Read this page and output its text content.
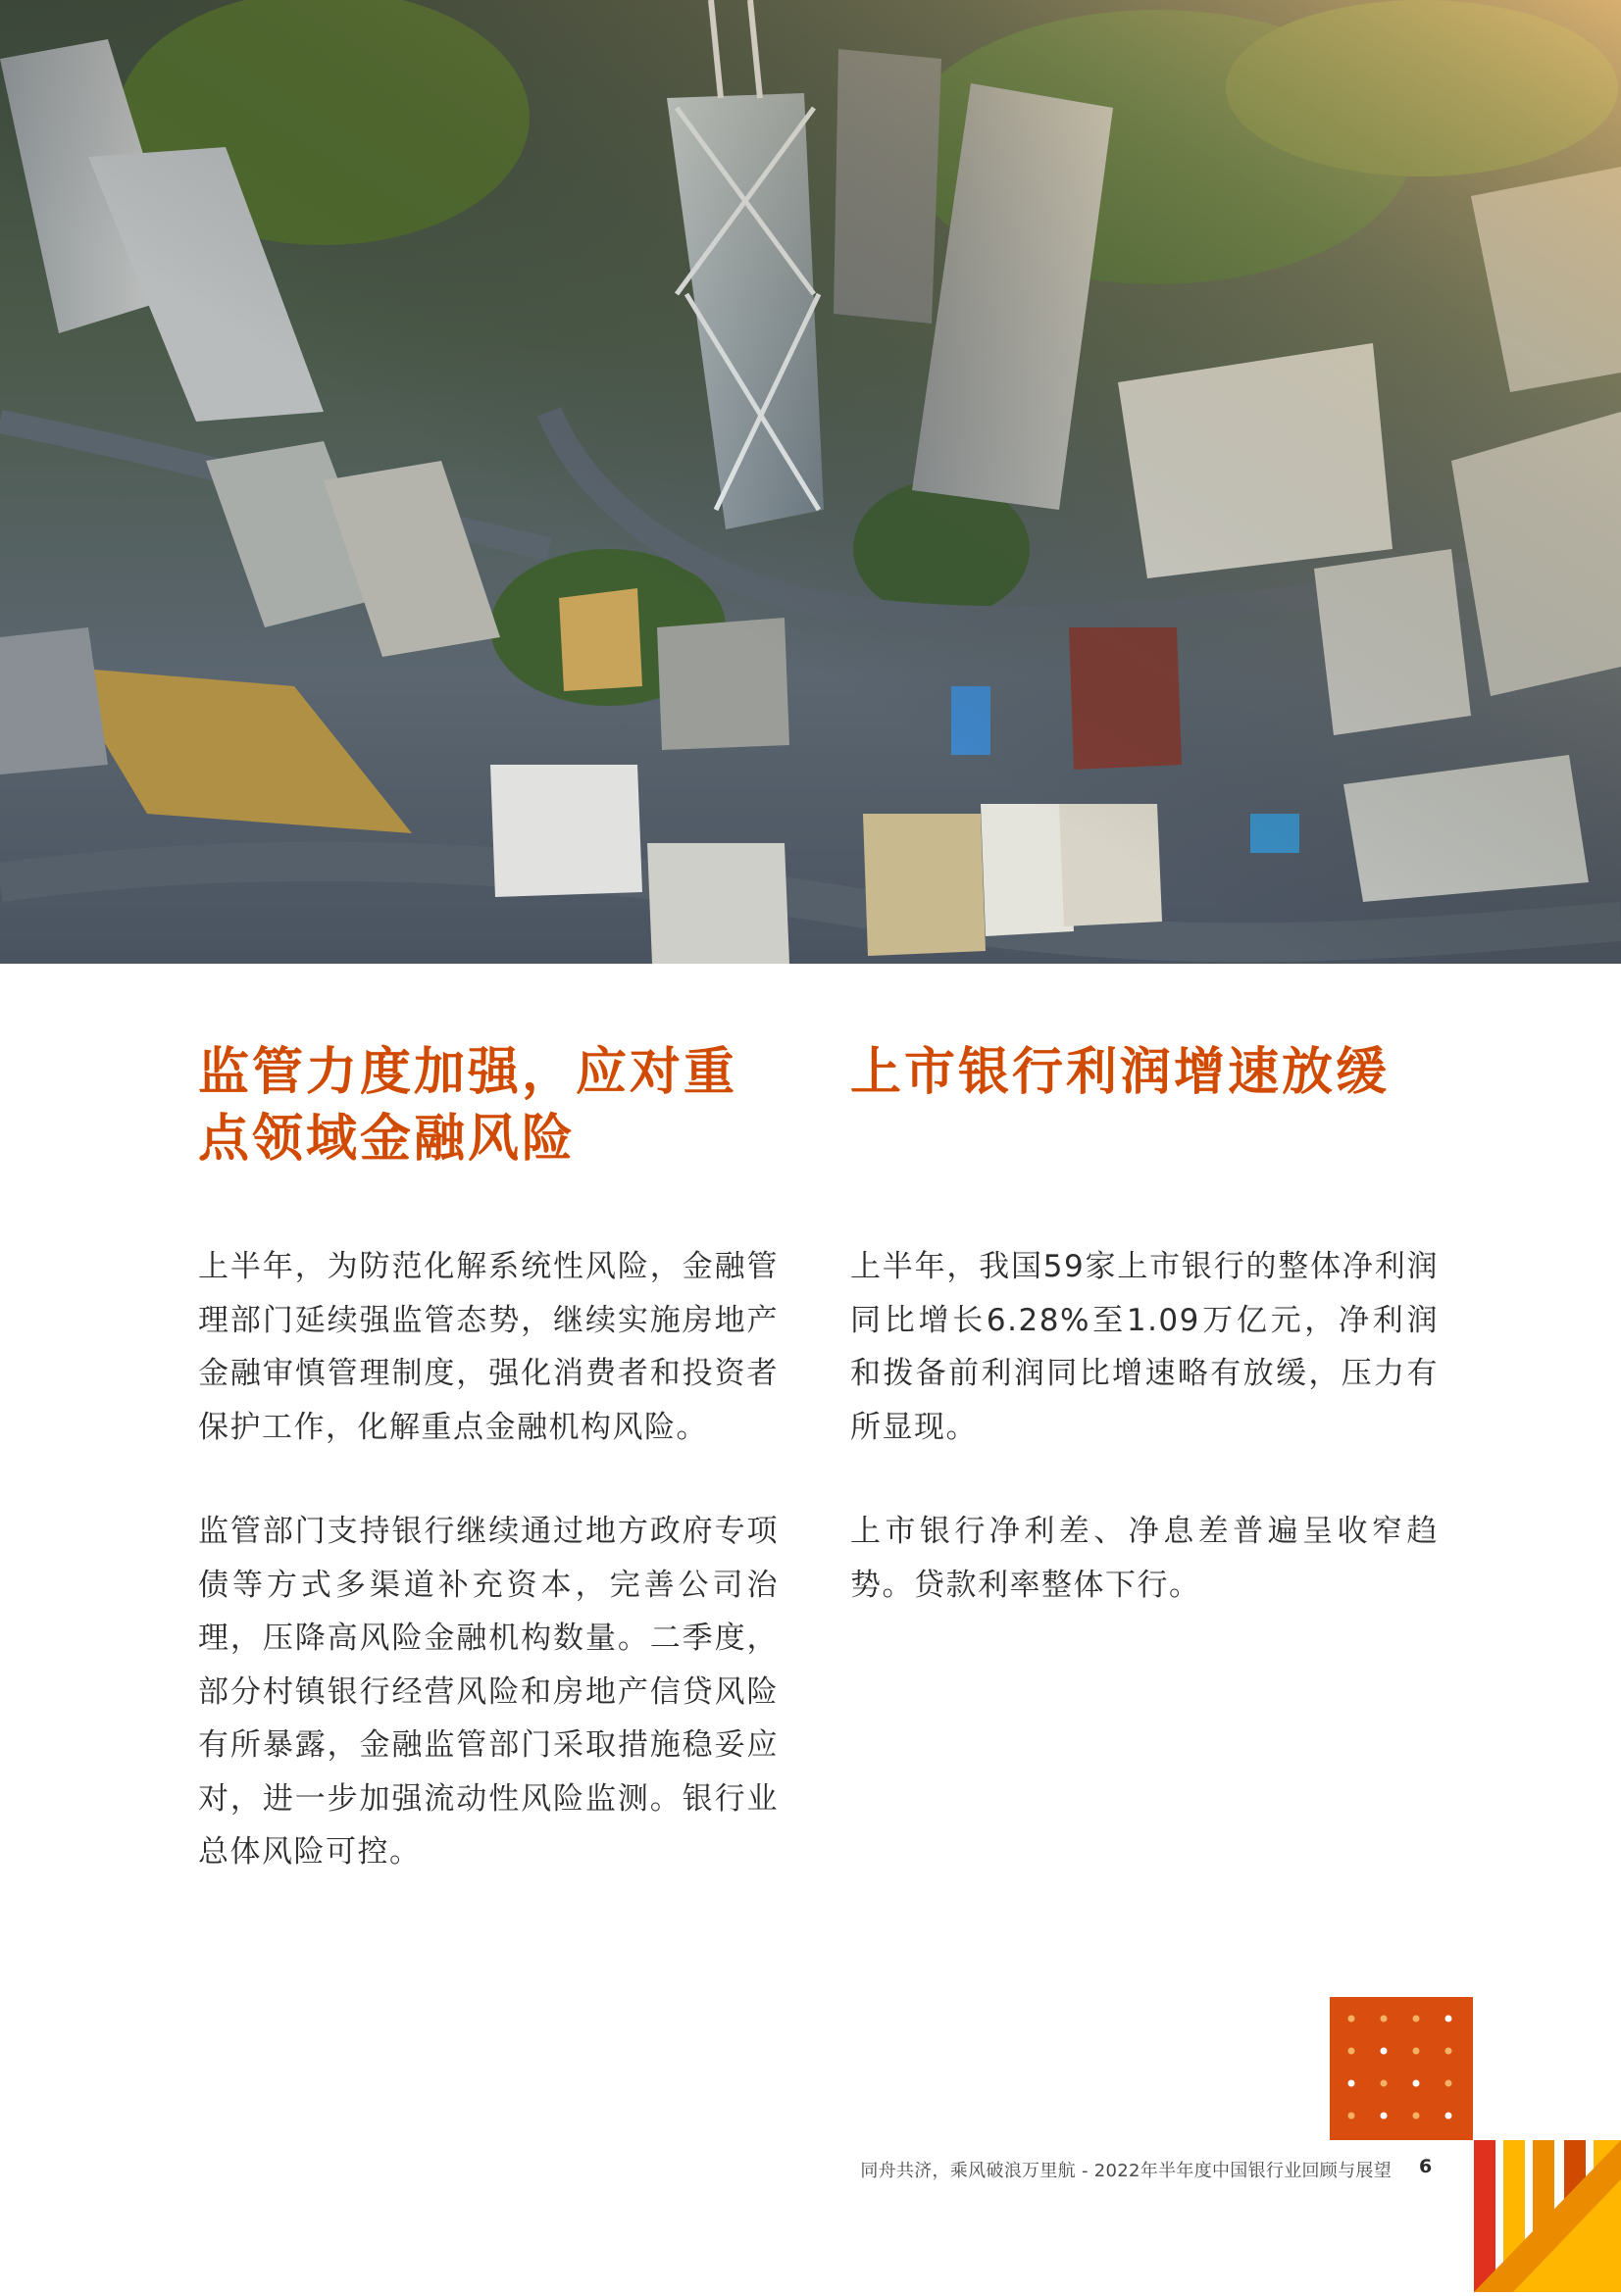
监管力度加强，应对重点领域金融风险

上半年，为防范化解系统性风险，金融管理部门延续强监管态势，继续实施房地产金融审慎管理制度，强化消费者和投资者保护工作，化解重点金融机构风险。

监管部门支持银行继续通过地方政府专项债等方式多渠道补充资本，完善公司治理，压降高风险金融机构数量。二季度，部分村镇银行经营风险和房地产信贷风险有所暴露，金融监管部门采取措施稳妥应对，进一步加强流动性风险监测。银行业总体风险可控。

上市银行利润增速放缓

上半年，我国59家上市银行的整体净利润同比增长6.28%至1.09万亿元，净利润和拨备前利润同比增速略有放缓，压力有所显现。

上市银行净利差、净息差普遍呈收窄趋势。贷款利率整体下行。

同舟共济，乘风破浪万里航 - 2022年半年度中国银行业回顾与展望 6
